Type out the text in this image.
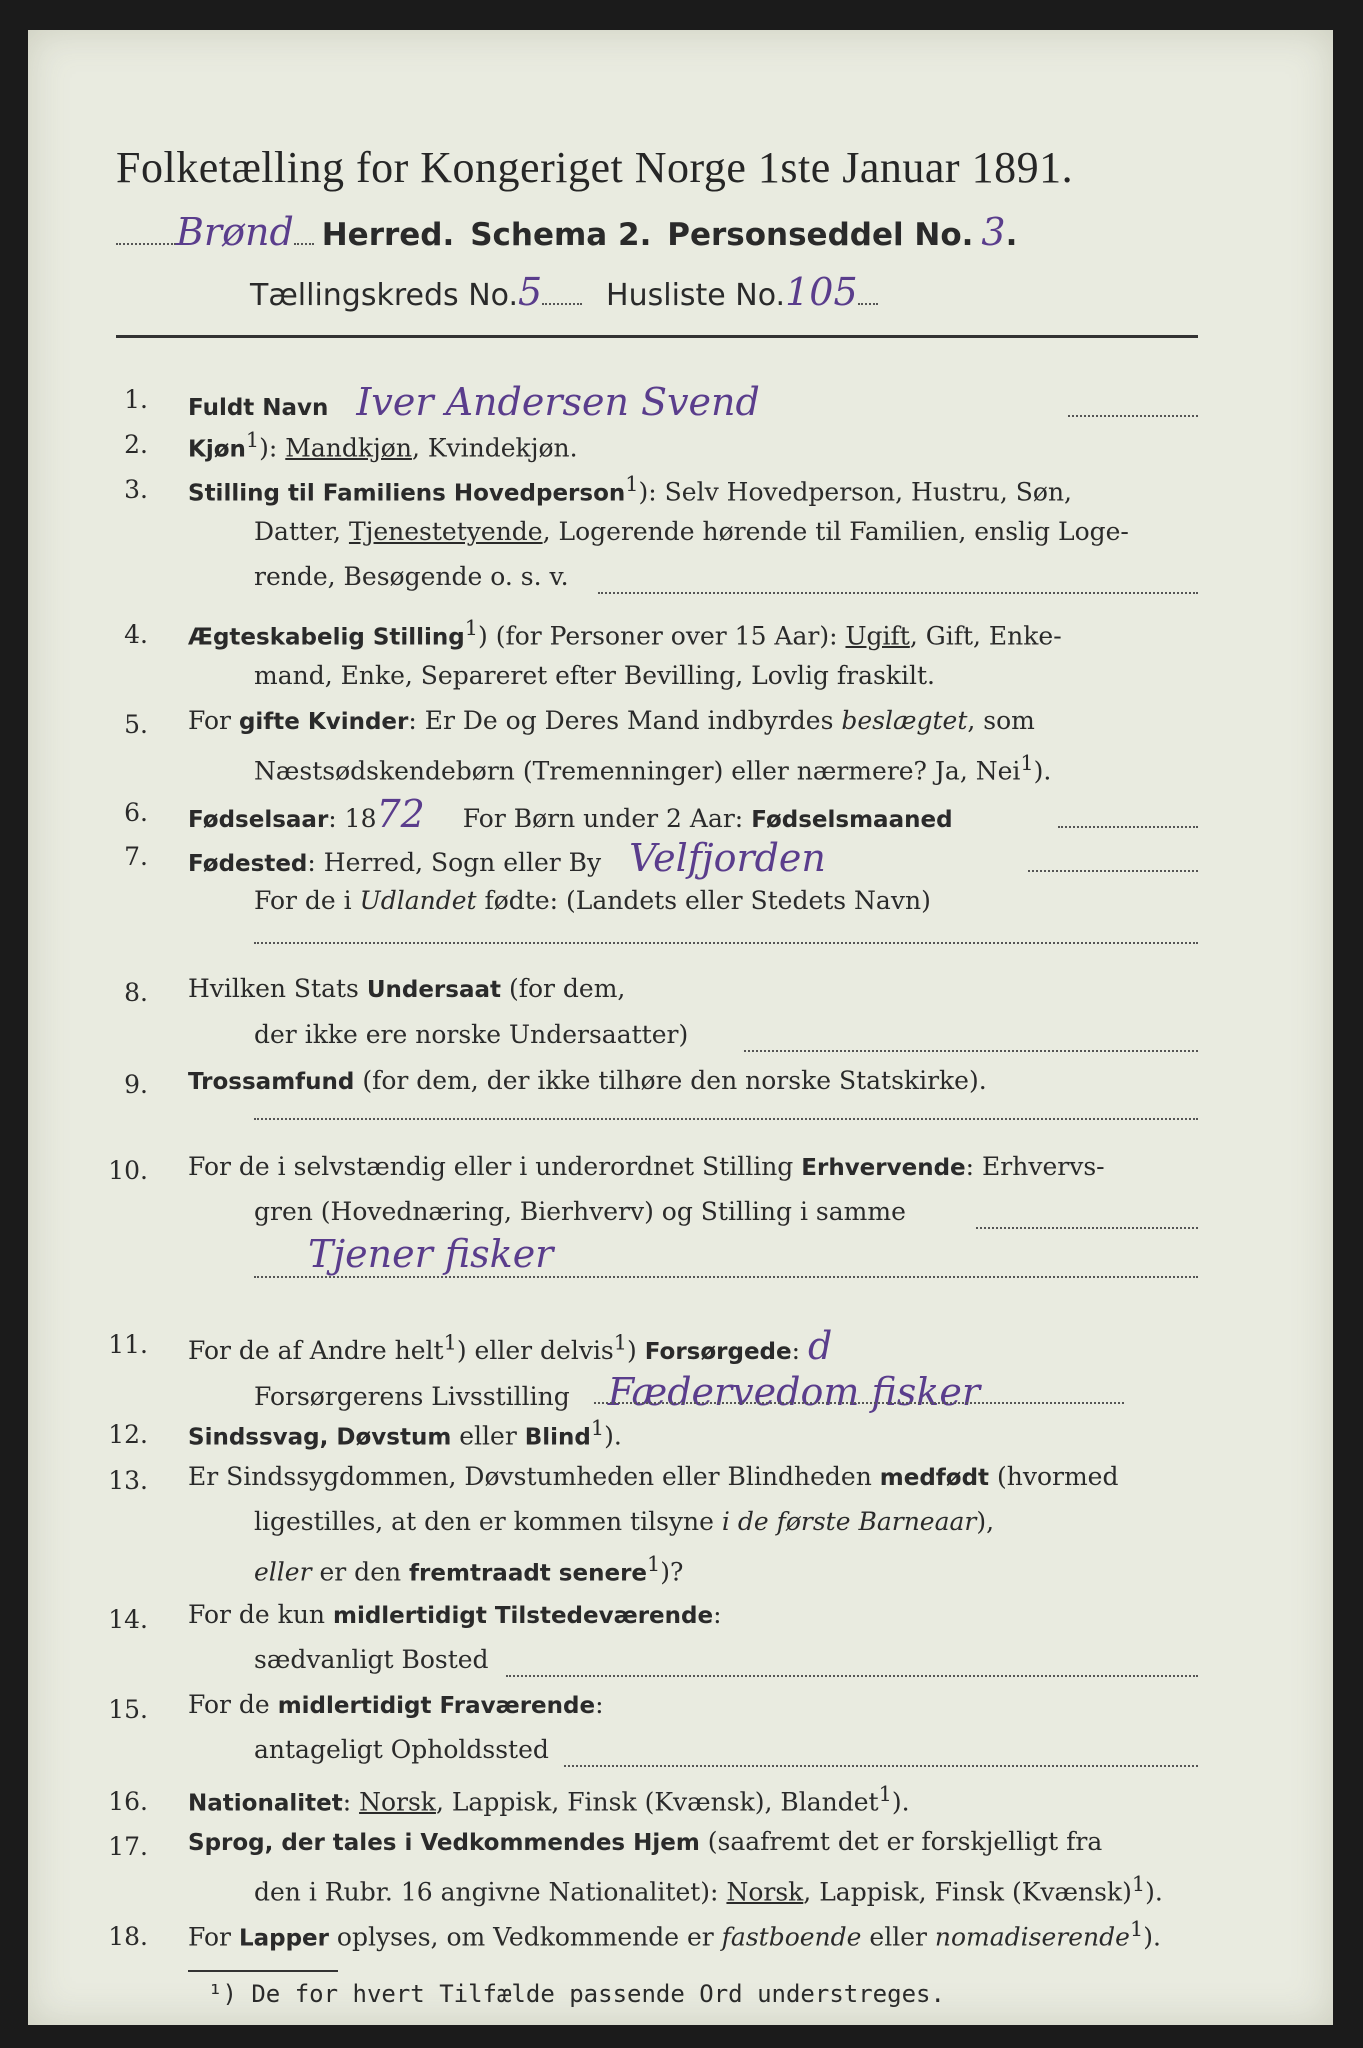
Folketælling for Kongeriget Norge 1ste Januar 1891.
Brønd Herred. Schema 2. Personseddel No. 3.
Tællingskreds No.5 Husliste No.105
1. Fuldt Navn Iver Andersen Svend
2. Kjøn$^1$): Mandkjøn, Kvindekjøn.
3. Stilling til Familiens Hovedperson$^1$): Selv Hovedperson, Hustru, Søn,
Datter, Tjenestetyende, Logerende hørende til Familien, enslig Loge-
rende, Besøgende o. s. v.
4. Ægteskabelig Stilling$^1$) (for Personer over 15 Aar): Ugift, Gift, Enke-
mand, Enke, Separeret efter Bevilling, Lovlig fraskilt.
5. For gifte Kvinder: Er De og Deres Mand indbyrdes beslægtet, som
Næstsødskendebørn (Tremenninger) eller nærmere? Ja, Nei$^1$).
6. Fødselsaar: 1872 For Børn under 2 Aar: Fødselsmaaned
7. Fødested: Herred, Sogn eller By Velfjorden
For de i Udlandet fødte: (Landets eller Stedets Navn)
8. Hvilken Stats Undersaat (for dem,
der ikke ere norske Undersaatter)
9. Trossamfund (for dem, der ikke tilhøre den norske Statskirke).
10. For de i selvstændig eller i underordnet Stilling Erhvervende: Erhvervs-
gren (Hovednæring, Bierhverv) og Stilling i samme
Tjener fisker
11. For de af Andre helt$^1$) eller delvis$^1$) Forsørgede: d
Forsørgerens Livsstilling Fædervedom fisker
12. Sindssvag, Døvstum eller Blind$^1$).
13. Er Sindssygdommen, Døvstumheden eller Blindheden medfødt (hvormed
ligestilles, at den er kommen tilsyne i de første Barneaar),
eller er den fremtraadt senere$^1$)?
14. For de kun midlertidigt Tilstedeværende:
sædvanligt Bosted
15. For de midlertidigt Fraværende:
antageligt Opholdssted
16. Nationalitet: Norsk, Lappisk, Finsk (Kvænsk), Blandet$^1$).
17. Sprog, der tales i Vedkommendes Hjem (saafremt det er forskjelligt fra
den i Rubr. 16 angivne Nationalitet): Norsk, Lappisk, Finsk (Kvænsk)$^1$).
18. For Lapper oplyses, om Vedkommende er fastboende eller nomadiserende$^1$).
¹) De for hvert Tilfælde passende Ord understreges.
